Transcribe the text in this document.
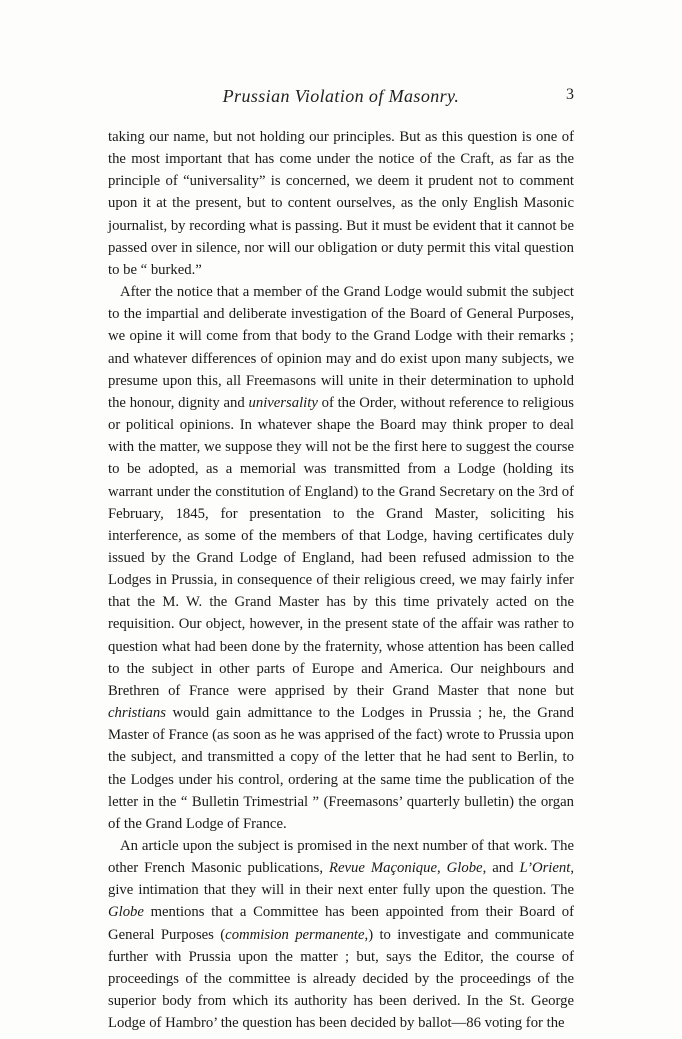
Prussian Violation of Masonry.	3

taking our name, but not holding our principles. But as this question is one of the most important that has come under the notice of the Craft, as far as the principle of “universality” is concerned, we deem it prudent not to comment upon it at the present, but to content ourselves, as the only English Masonic journalist, by recording what is passing. But it must be evident that it cannot be passed over in silence, nor will our obligation or duty permit this vital question to be “ burked.”

After the notice that a member of the Grand Lodge would submit the subject to the impartial and deliberate investigation of the Board of General Purposes, we opine it will come from that body to the Grand Lodge with their remarks ; and whatever differences of opinion may and do exist upon many subjects, we presume upon this, all Freemasons will unite in their determination to uphold the honour, dignity and universality of the Order, without reference to religious or political opinions. In whatever shape the Board may think proper to deal with the matter, we suppose they will not be the first here to suggest the course to be adopted, as a memorial was transmitted from a Lodge (holding its warrant under the constitution of England) to the Grand Secretary on the 3rd of February, 1845, for presentation to the Grand Master, soliciting his interference, as some of the members of that Lodge, having certificates duly issued by the Grand Lodge of England, had been refused admission to the Lodges in Prussia, in consequence of their religious creed, we may fairly infer that the M. W. the Grand Master has by this time privately acted on the requisition. Our object, however, in the present state of the affair was rather to question what had been done by the fraternity, whose attention has been called to the subject in other parts of Europe and America. Our neighbours and Brethren of France were apprised by their Grand Master that none but christians would gain admittance to the Lodges in Prussia ; he, the Grand Master of France (as soon as he was apprised of the fact) wrote to Prussia upon the subject, and transmitted a copy of the letter that he had sent to Berlin, to the Lodges under his control, ordering at the same time the publication of the letter in the “ Bulletin Trimestrial ” (Freemasons’ quarterly bulletin) the organ of the Grand Lodge of France.

An article upon the subject is promised in the next number of that work. The other French Masonic publications, Revue Maçonique, Globe, and L’Orient, give intimation that they will in their next enter fully upon the question. The Globe mentions that a Committee has been appointed from their Board of General Purposes (commision permanente,) to investigate and communicate further with Prussia upon the matter ; but, says the Editor, the course of proceedings of the committee is already decided by the proceedings of the superior body from which its authority has been derived. In the St. George Lodge of Hambro’ the question has been decided by ballot—86 voting for the
